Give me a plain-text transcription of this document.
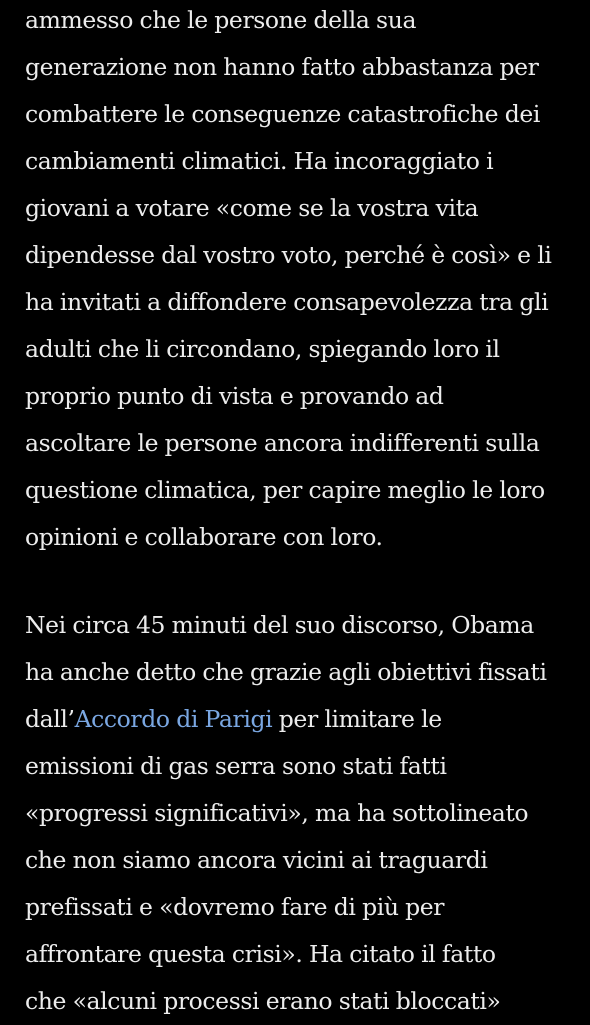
ammesso che le persone della sua
generazione non hanno fatto abbastanza per
combattere le conseguenze catastrofiche dei
cambiamenti climatici. Ha incoraggiato i
giovani a votare «come se la vostra vita
dipendesse dal vostro voto, perché è così» e li
ha invitati a diffondere consapevolezza tra gli
adulti che li circondano, spiegando loro il
proprio punto di vista e provando ad
ascoltare le persone ancora indifferenti sulla
questione climatica, per capire meglio le loro
opinioni e collaborare con loro.
Nei circa 45 minuti del suo discorso, Obama
ha anche detto che grazie agli obiettivi fissati
dall’Accordo di Parigi per limitare le
emissioni di gas serra sono stati fatti
«progressi significativi», ma ha sottolineato
che non siamo ancora vicini ai traguardi
prefissati e «dovremo fare di più per
affrontare questa crisi». Ha citato il fatto
che «alcuni processi erano stati bloccati»
